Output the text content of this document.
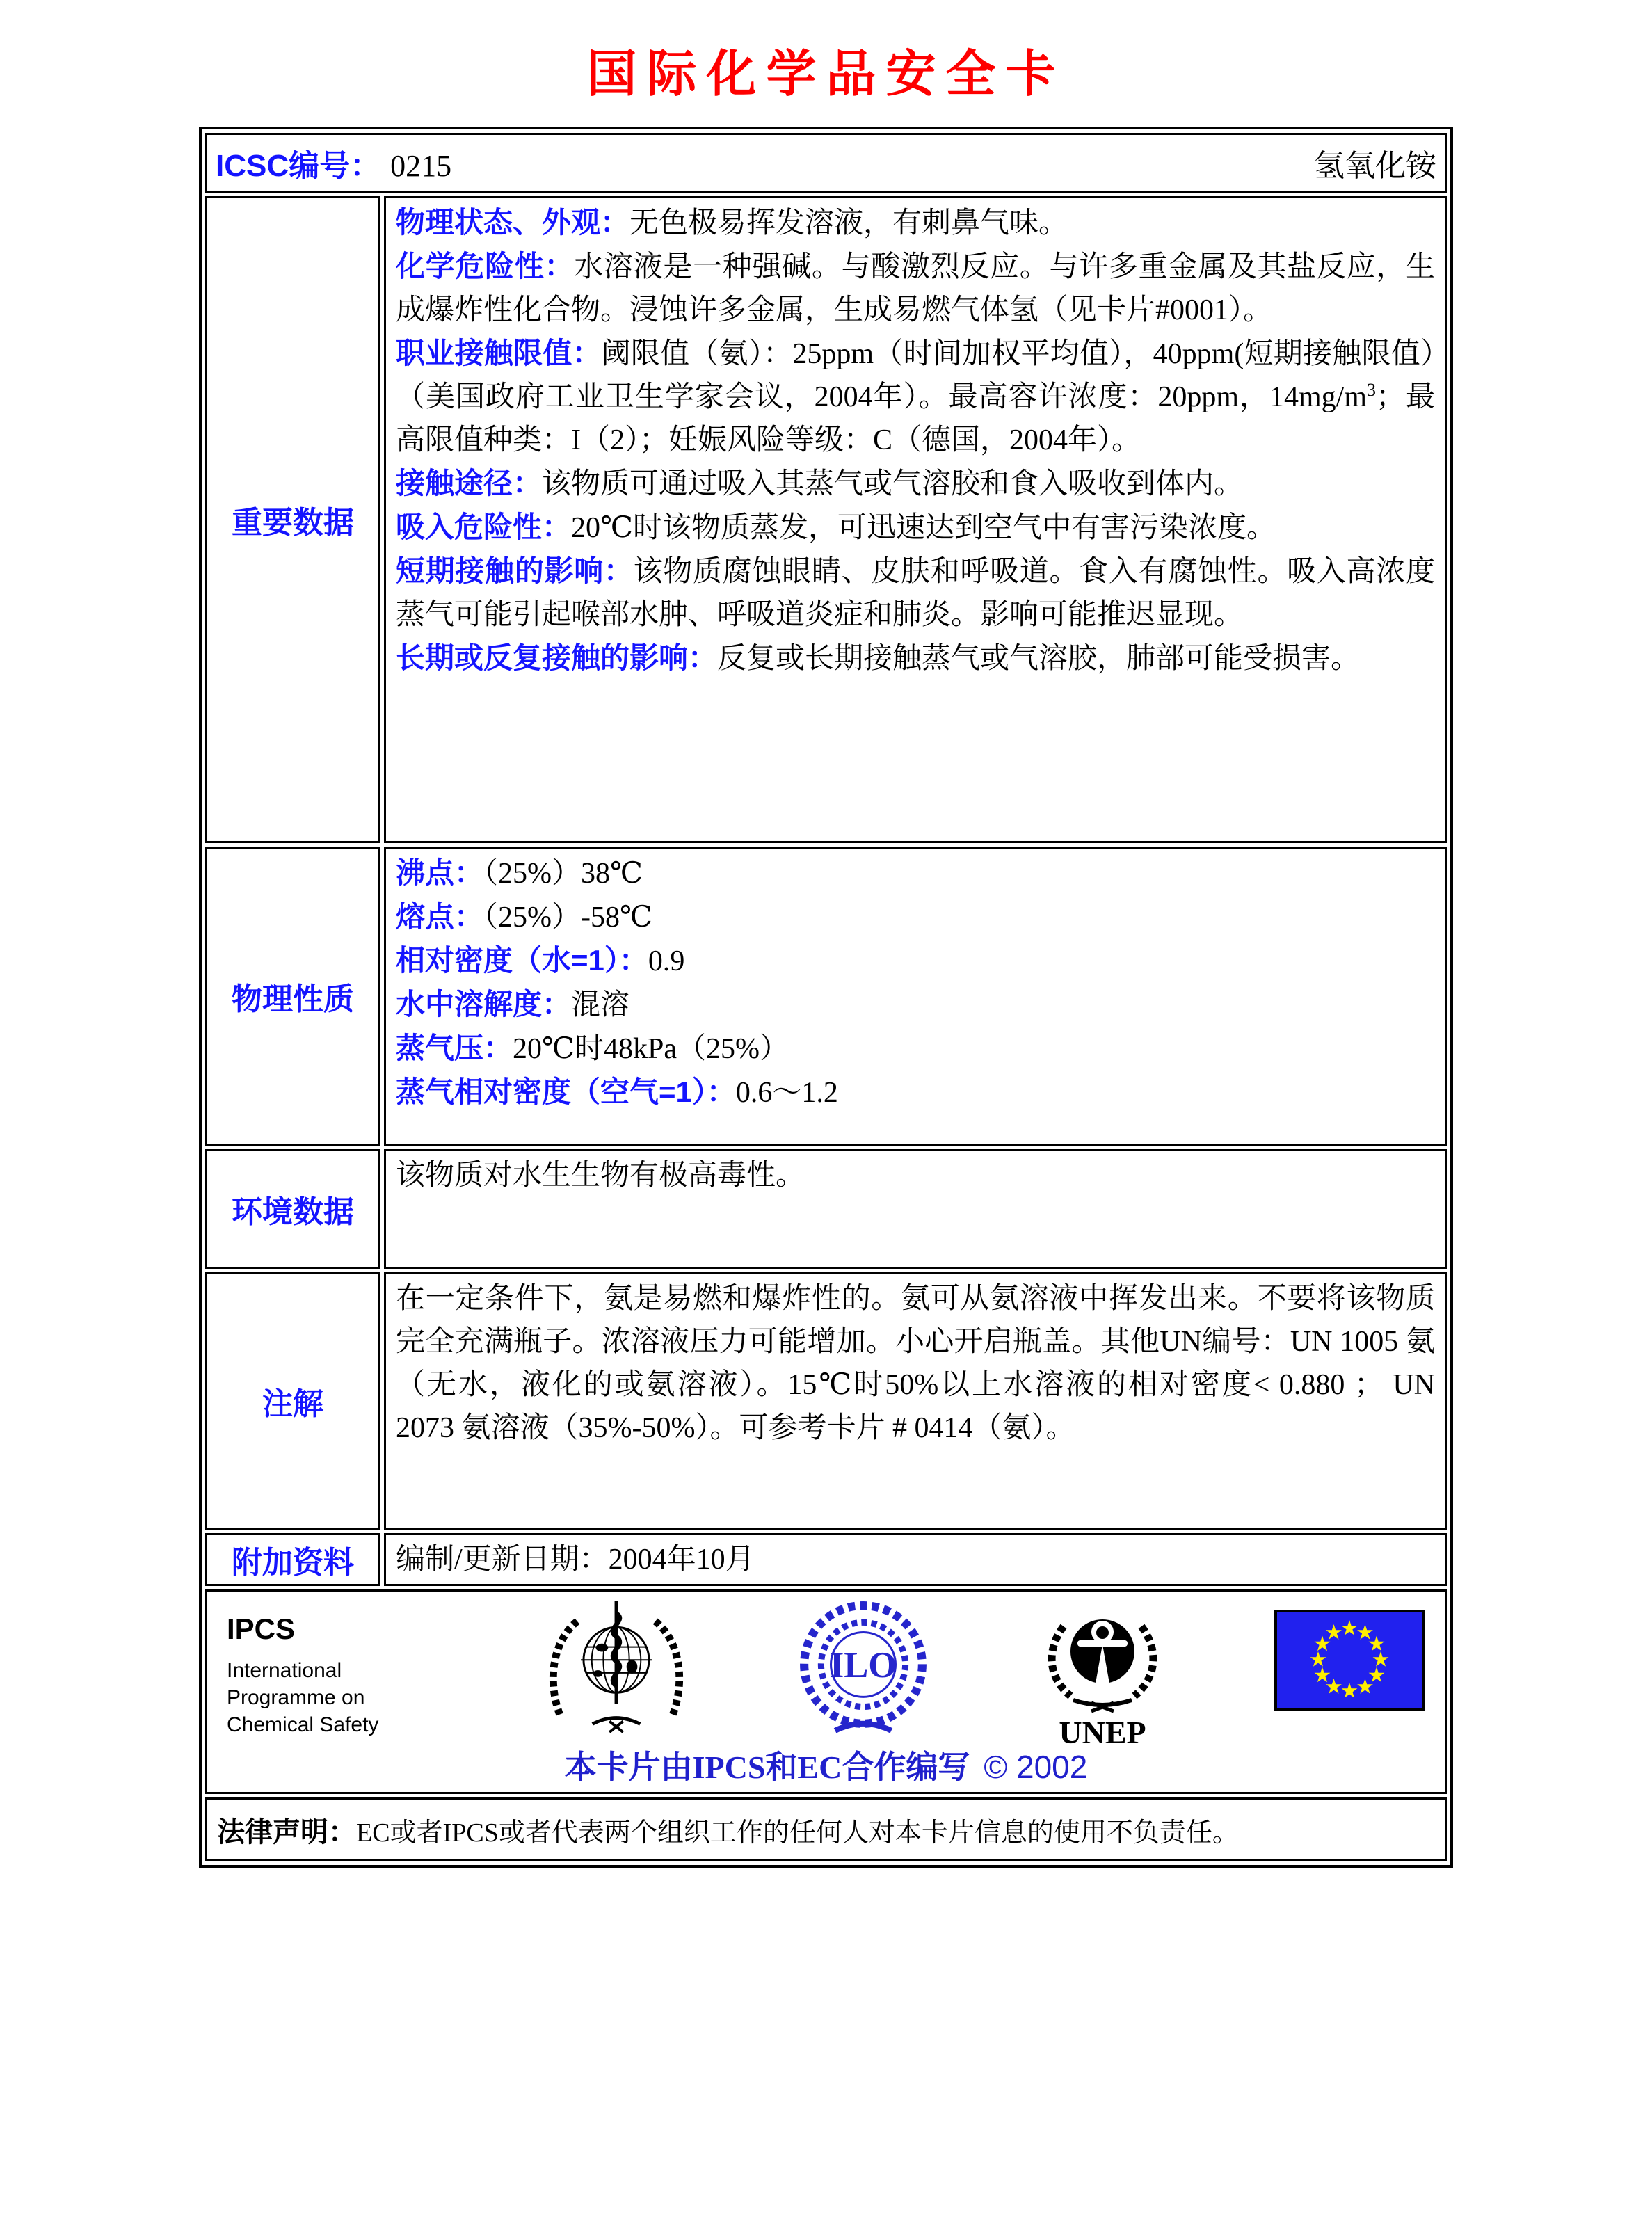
国际化学品安全卡
ICSC编号： 0215 氢氧化铵	

重要数据	
物理状态、外观：无色极易挥发溶液，有刺鼻气味。
化学危险性：水溶液是一种强碱。与酸激烈反应。与许多重金属及其盐反应，生成爆炸性化合物。浸蚀许多金属，生成易燃气体氢（见卡片#0001）。
职业接触限值：阈限值（氨）：25ppm（时间加权平均值），40ppm(短期接触限值）（美国政府工业卫生学家会议，2004年）。最高容许浓度：20ppm，$14mg/m^3$；最高限值种类：I（2）；妊娠风险等级：C（德国，2004年）。
接触途径：该物质可通过吸入其蒸气或气溶胶和食入吸收到体内。
吸入危险性：20℃时该物质蒸发，可迅速达到空气中有害污染浓度。
短期接触的影响：该物质腐蚀眼睛、皮肤和呼吸道。食入有腐蚀性。吸入高浓度蒸气可能引起喉部水肿、呼吸道炎症和肺炎。影响可能推迟显现。
长期或反复接触的影响：反复或长期接触蒸气或气溶胶，肺部可能受损害。

物理性质	
沸点：（25%）38℃
熔点：（25%）-58℃
相对密度（水=1）：0.9
水中溶解度：混溶
蒸气压：20℃时48kPa（25%）
蒸气相对密度（空气=1）：0.6～1.2

环境数据	该物质对水生生物有极高毒性。

注解	在一定条件下，氨是易燃和爆炸性的。氨可从氨溶液中挥发出来。不要将该物质完全充满瓶子。浓溶液压力可能增加。小心开启瓶盖。其他UN编号：UN 1005 氨（无水，液化的或氨溶液）。15℃时50%以上水溶液的相对密度< 0.880 ； UN 2073 氨溶液（35%-50%）。可参考卡片 # 0414（氨）。

附加资料	编制/更新日期：2004年10月

IPCS
International
Programme on
Chemical Safety
ILO
UNEP
本卡片由IPCS和EC合作编写 © 2002

法律声明：EC或者IPCS或者代表两个组织工作的任何人对本卡片信息的使用不负责任。	
